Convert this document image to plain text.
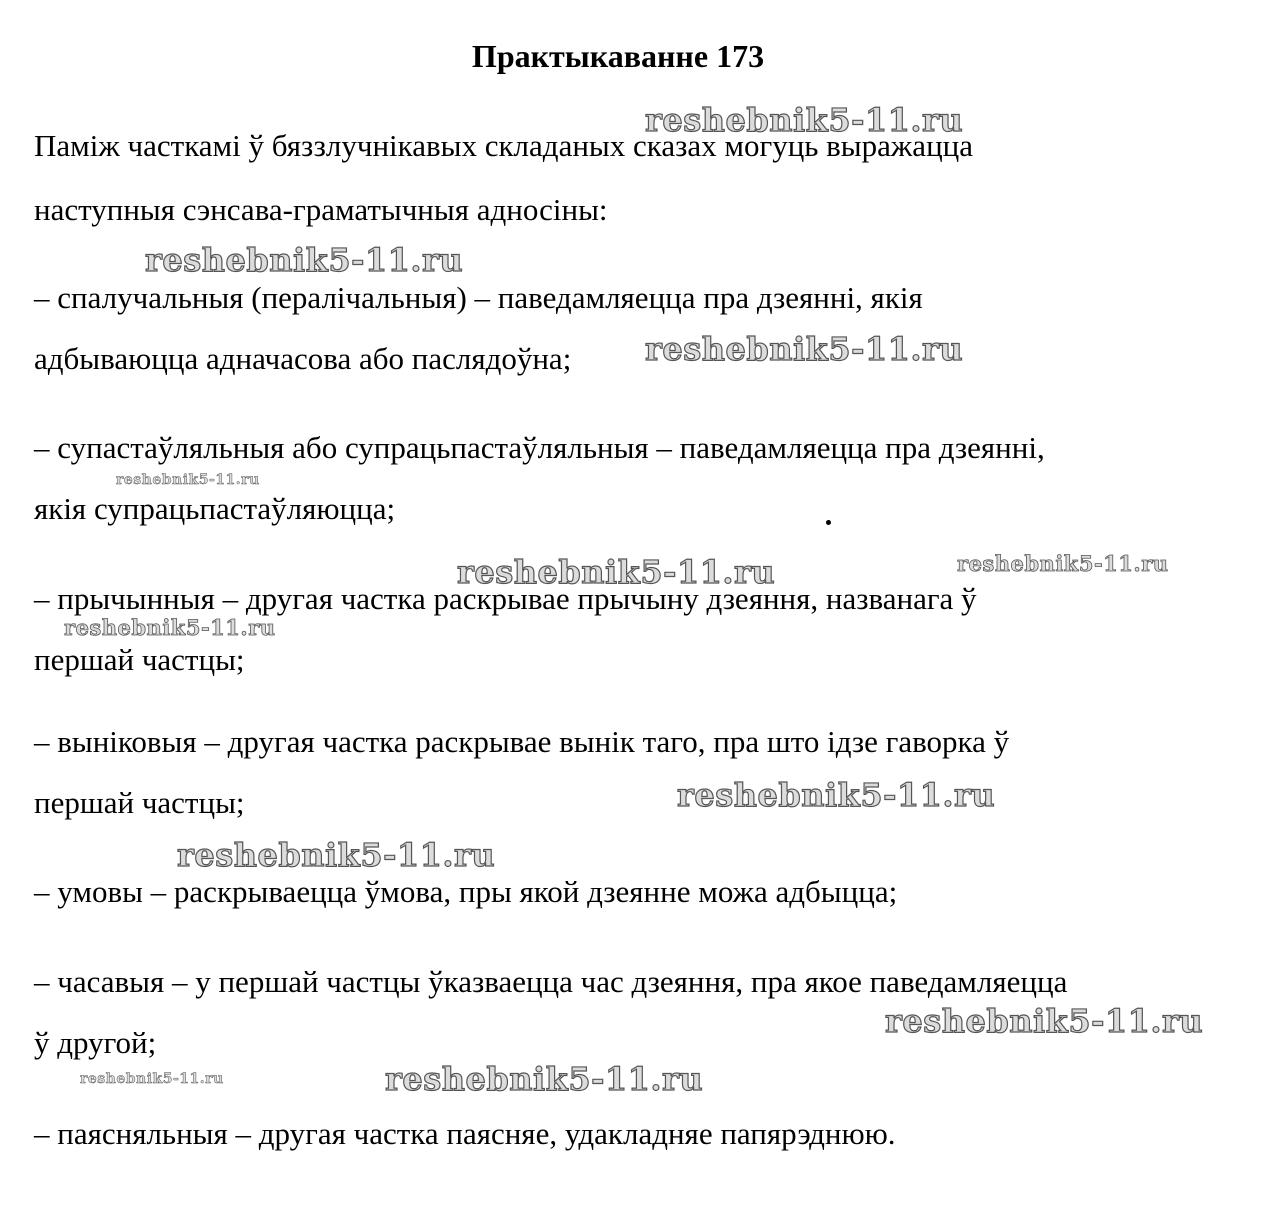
Практыкаванне 173
Паміж часткамі ў бяззлучнікавых складаных сказах могуць выражацца
наступныя сэнсава-граматычныя адносіны:
– спалучальныя (пералічальныя) – паведамляецца пра дзеянні, якія
адбываюцца адначасова або паслядоўна;
– супастаўляльныя або супрацьпастаўляльныя – паведамляецца пра дзеянні,
якія супрацьпастаўляюцца;
– прычынныя – другая частка раскрывае прычыну дзеяння, названага ў
першай частцы;
– выніковыя – другая частка раскрывае вынік таго, пра што ідзе гаворка ў
першай частцы;
– умовы – раскрываецца ўмова, пры якой дзеянне можа адбыцца;
– часавыя – у першай частцы ўказваецца час дзеяння, пра якое паведамляецца
ў другой;
– паясняльныя – другая частка паясняе, удакладняе папярэднюю.
reshebnik5-11.ru
reshebnik5-11.ru
reshebnik5-11.ru
reshebnik5-11.ru
reshebnik5-11.ru	reshebnik5-11.ru
reshebnik5-11.ru
reshebnik5-11.ru
reshebnik5-11.ru
reshebnik5-11.ru
reshebnik5-11.ru	reshebnik5-11.ru
